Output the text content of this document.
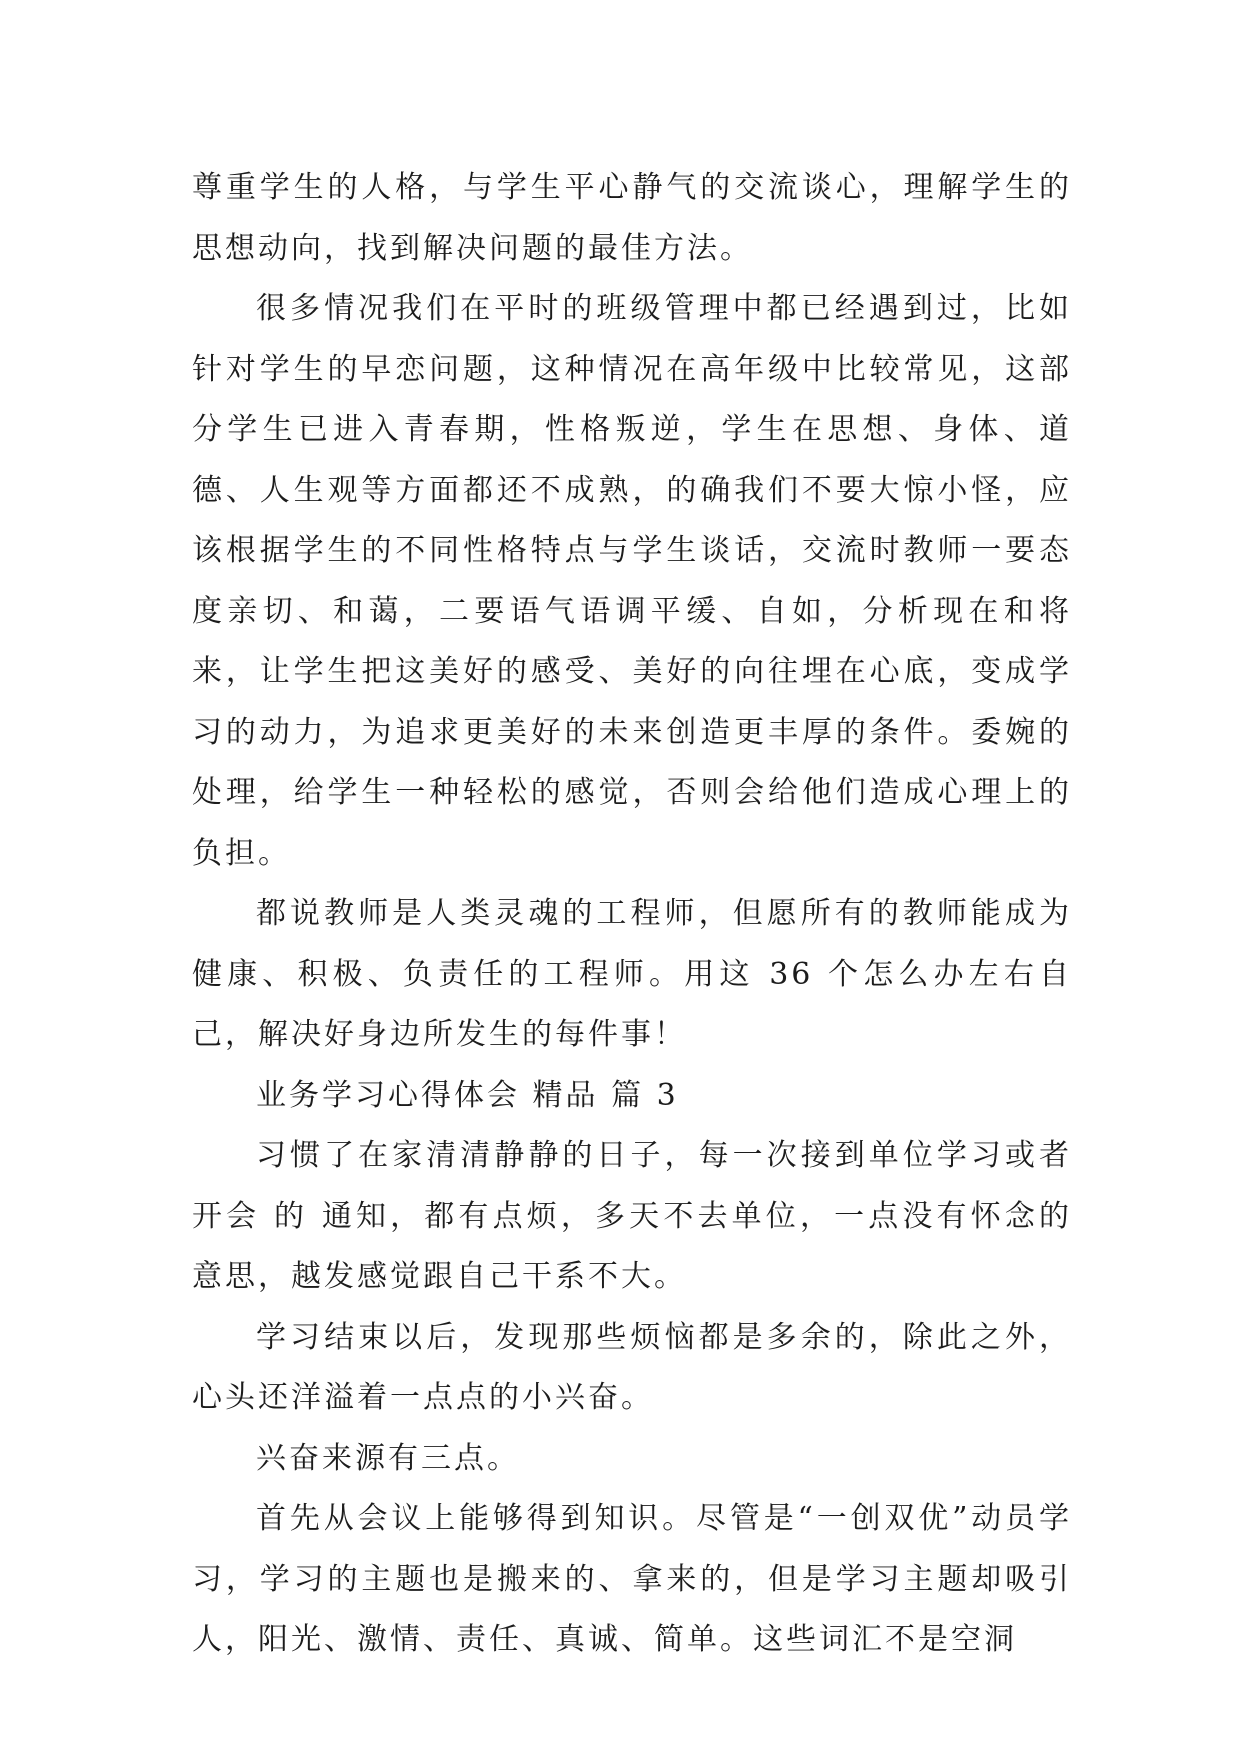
尊重学生的人格，与学生平心静气的交流谈心，理解学生的思想动向，找到解决问题的最佳方法。

很多情况我们在平时的班级管理中都已经遇到过，比如针对学生的早恋问题，这种情况在高年级中比较常见，这部分学生已进入青春期，性格叛逆，学生在思想、身体、道德、人生观等方面都还不成熟，的确我们不要大惊小怪，应该根据学生的不同性格特点与学生谈话，交流时教师一要态度亲切、和蔼，二要语气语调平缓、自如，分析现在和将来，让学生把这美好的感受、美好的向往埋在心底，变成学习的动力，为追求更美好的未来创造更丰厚的条件。委婉的处理，给学生一种轻松的感觉，否则会给他们造成心理上的负担。

都说教师是人类灵魂的工程师，但愿所有的教师能成为健康、积极、负责任的工程师。用这 36 个怎么办左右自己，解决好身边所发生的每件事！

业务学习心得体会 精品 篇 3

习惯了在家清清静静的日子，每一次接到单位学习或者开会 的 通知，都有点烦，多天不去单位，一点没有怀念的意思，越发感觉跟自己干系不大。

学习结束以后，发现那些烦恼都是多余的，除此之外，心头还洋溢着一点点的小兴奋。

兴奋来源有三点。

首先从会议上能够得到知识。尽管是“一创双优”动员学习，学习的主题也是搬来的、拿来的，但是学习主题却吸引人，阳光、激情、责任、真诚、简单。这些词汇不是空洞
